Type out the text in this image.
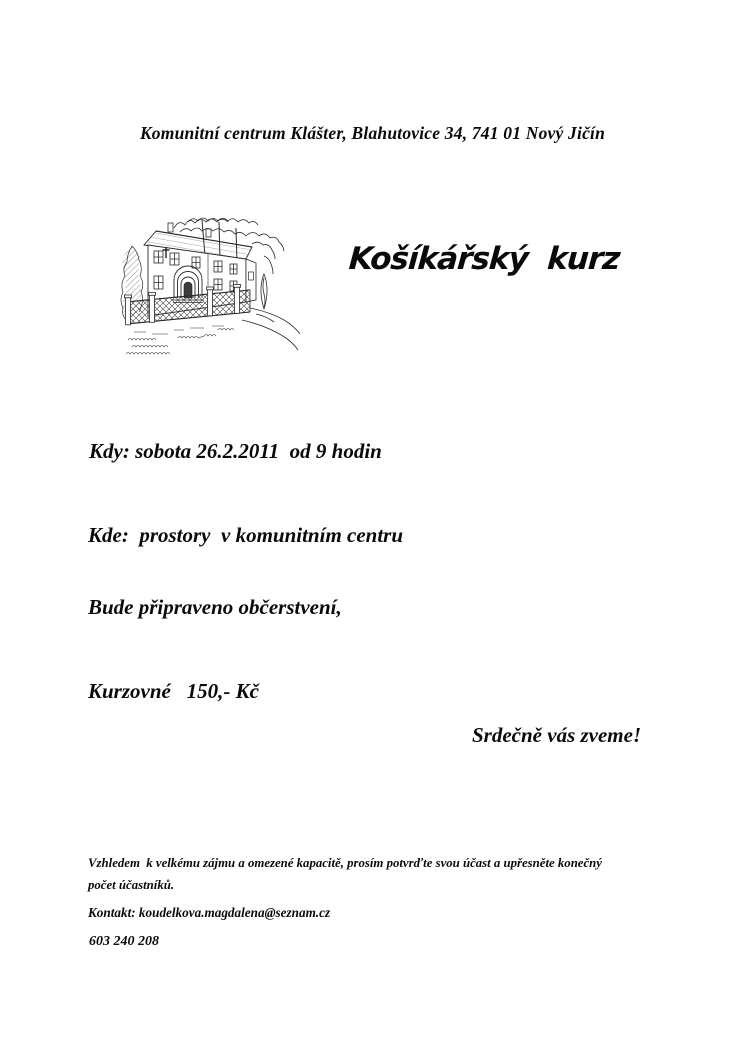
Komunitní centrum Klášter, Blahutovice 34, 741 01 Nový Jičín

Košíkářský  kurz
Kdy: sobota 26.2.2011  od 9 hodin
Kde:  prostory  v komunitním centru
Bude připraveno občerstvení,
Kurzovné   150,- Kč
Srdečně vás zveme!
Vzhledem  k velkému zájmu a omezené kapacitě, prosím potvrďte svou účast a upřesněte konečný
počet účastníků.
Kontakt: koudelkova.magdalena@seznam.cz
603 240 208
